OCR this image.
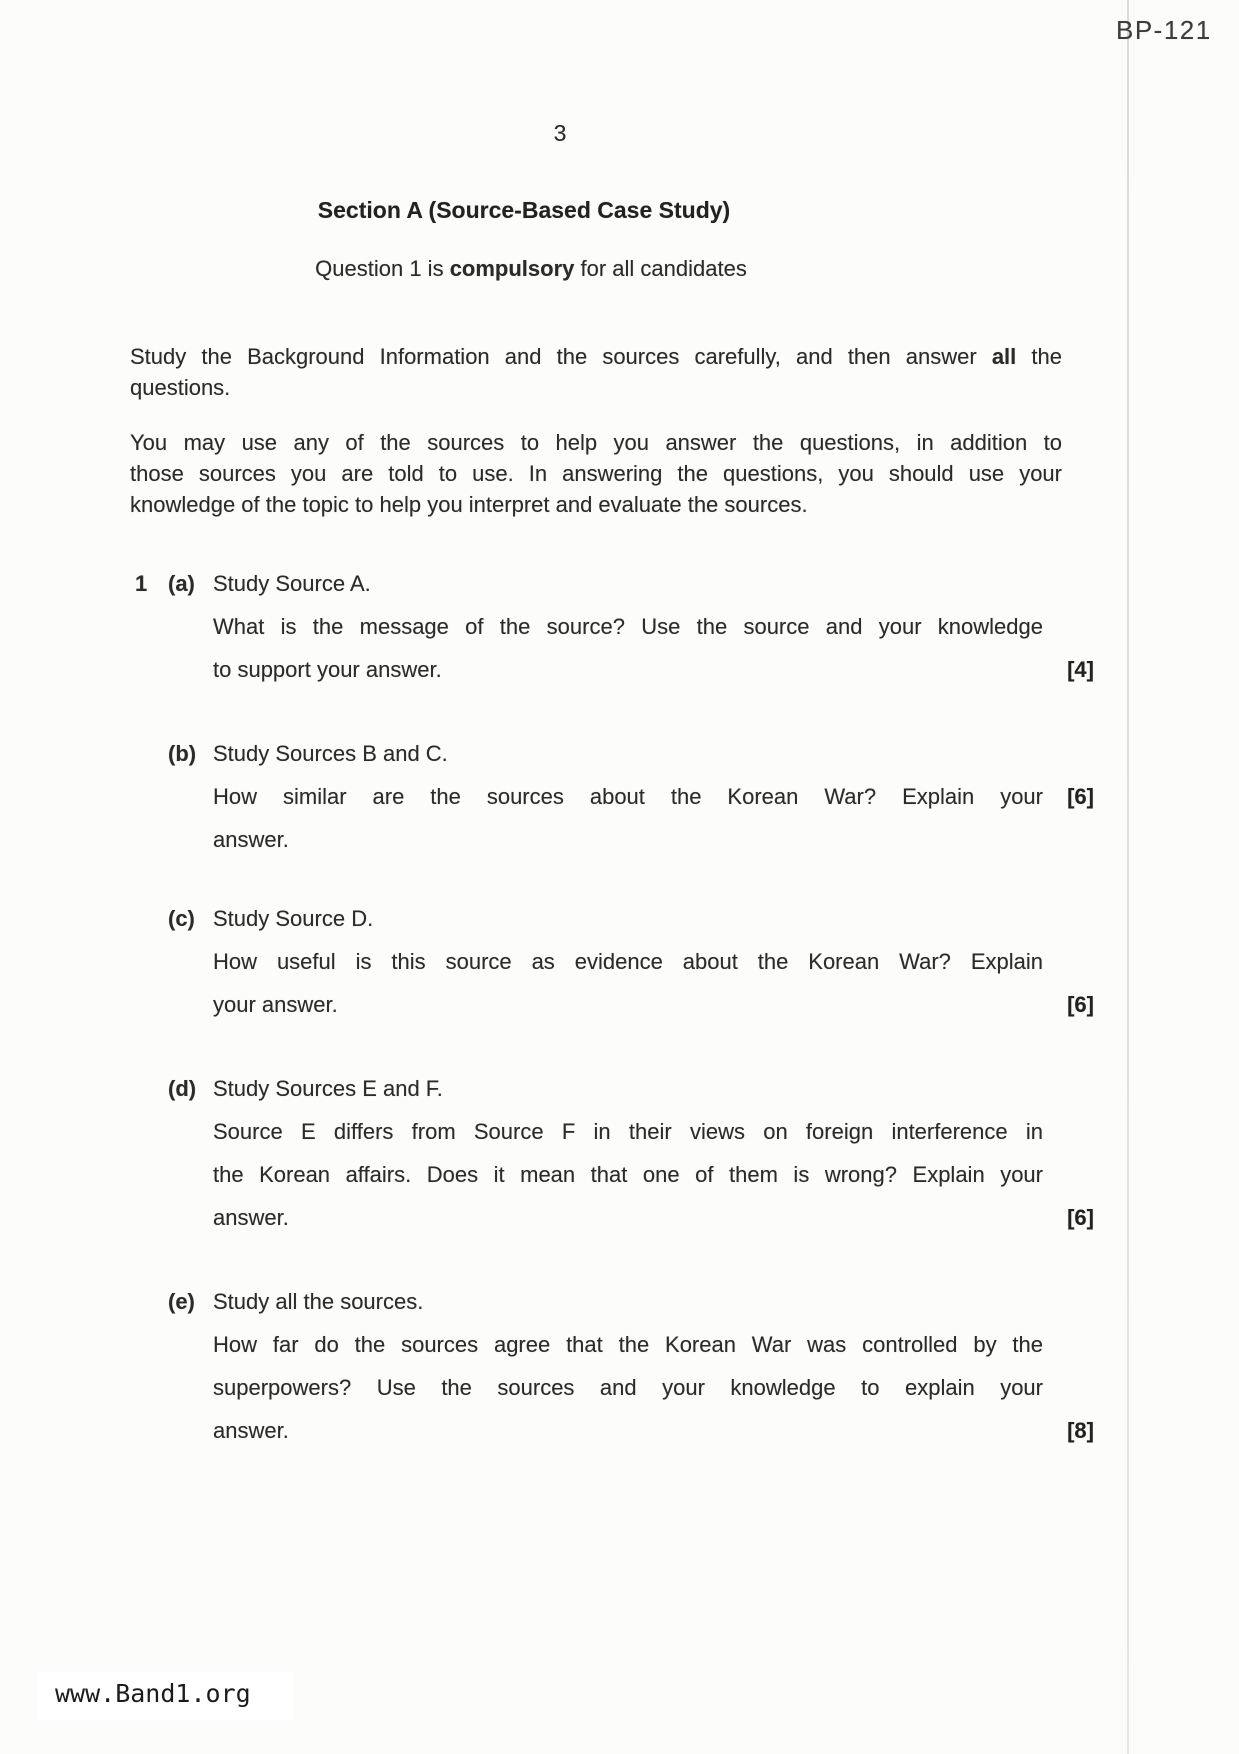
BP-121
3
Section A (Source-Based Case Study)
Question 1 is compulsory for all candidates
Study the Background Information and the sources carefully, and then answer all the
questions.
You may use any of the sources to help you answer the questions, in addition to
those sources you are told to use. In answering the questions, you should use your
knowledge of the topic to help you interpret and evaluate the sources.
1 (a) Study Source A.
What is the message of the source? Use the source and your knowledge
to support your answer.	[4]
(b) Study Sources B and C.
How similar are the sources about the Korean War? Explain your
answer.
[6]
(c) Study Source D.
How useful is this source as evidence about the Korean War? Explain
your answer.	[6]
(d) Study Sources E and F.
Source E differs from Source F in their views on foreign interference in
the Korean affairs. Does it mean that one of them is wrong? Explain your
answer.	[6]
(e) Study all the sources.
How far do the sources agree that the Korean War was controlled by the
superpowers? Use the sources and your knowledge to explain your
answer.	[8]
www.Band1.org
